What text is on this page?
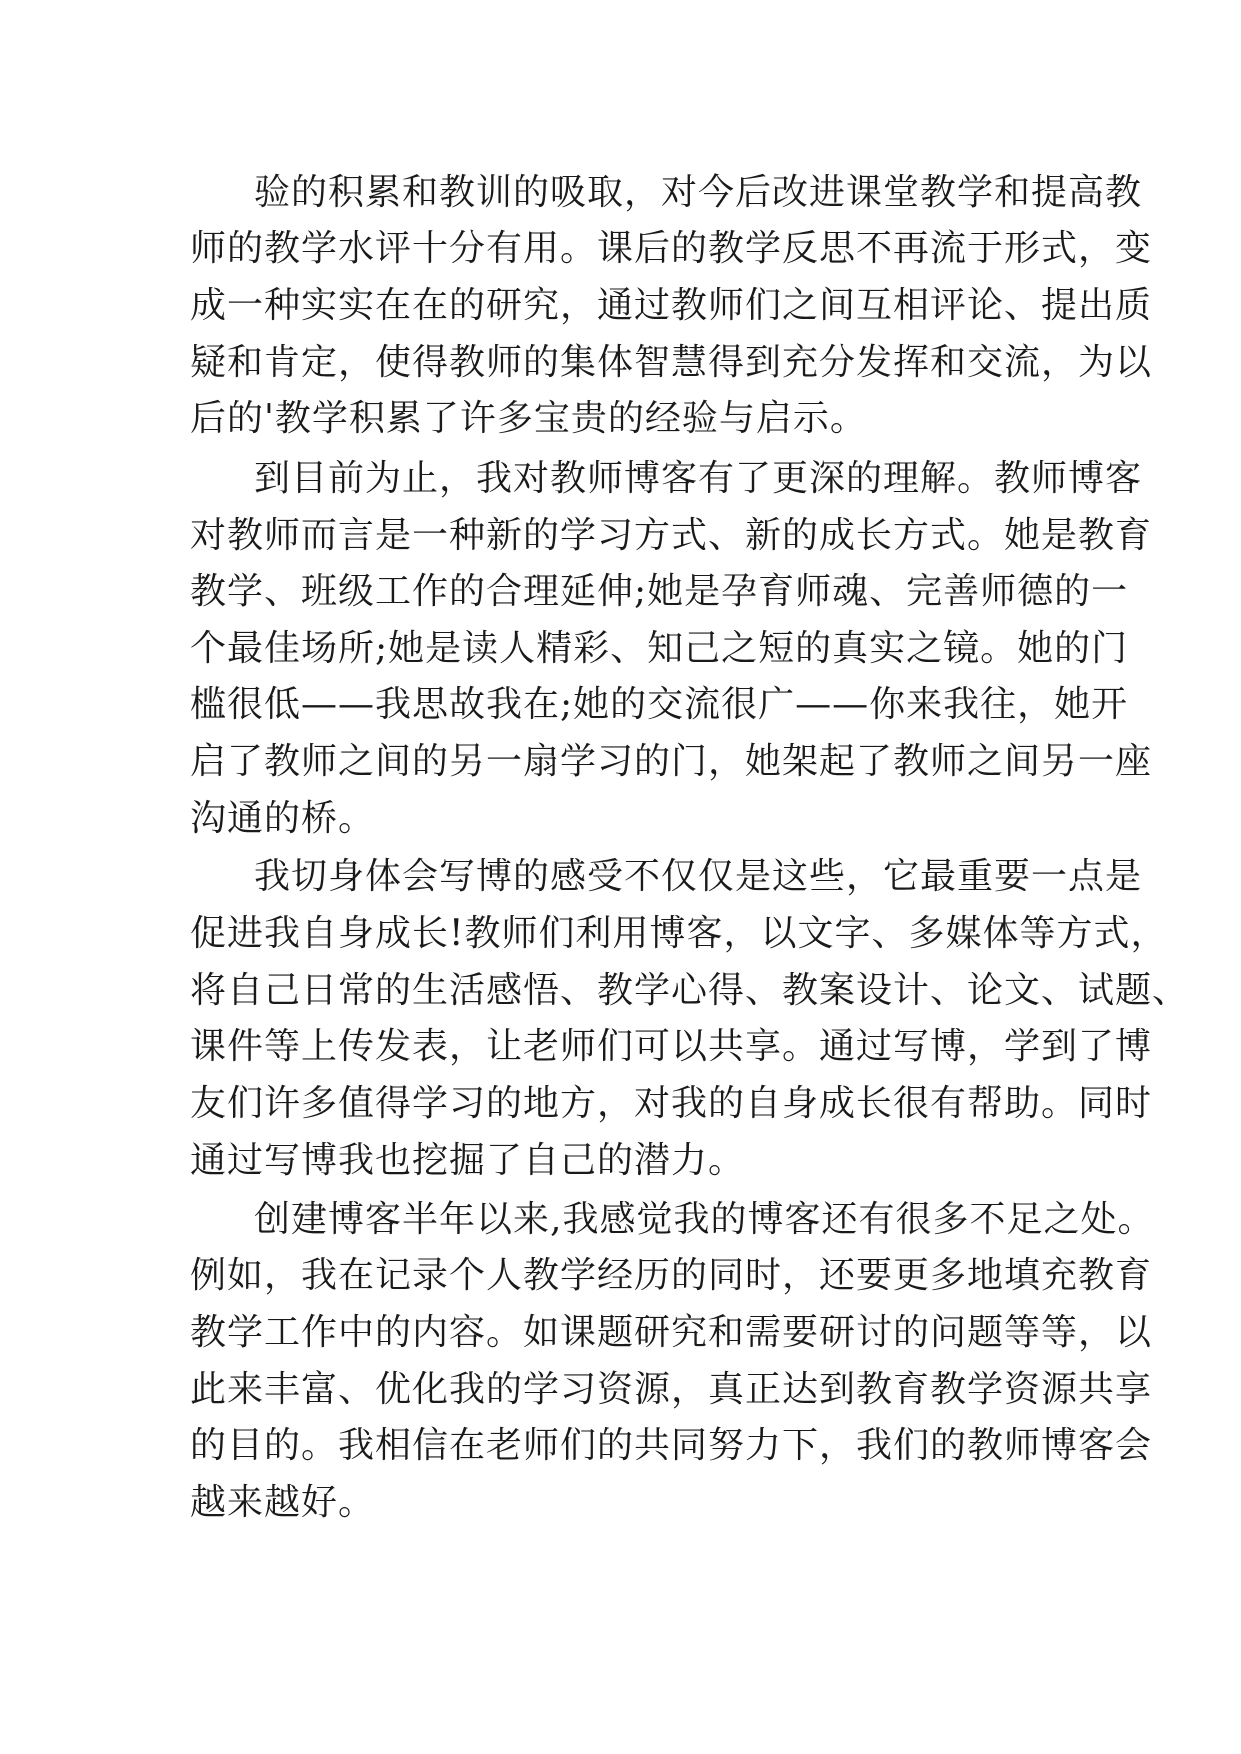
验的积累和教训的吸取，对今后改进课堂教学和提高教
师的教学水评十分有用。课后的教学反思不再流于形式，变
成一种实实在在的研究，通过教师们之间互相评论、提出质
疑和肯定，使得教师的集体智慧得到充分发挥和交流，为以
后的'教学积累了许多宝贵的经验与启示。
到目前为止，我对教师博客有了更深的理解。教师博客
对教师而言是一种新的学习方式、新的成长方式。她是教育
教学、班级工作的合理延伸;她是孕育师魂、完善师德的一
个最佳场所;她是读人精彩、知己之短的真实之镜。她的门
槛很低——我思故我在;她的交流很广——你来我往，她开
启了教师之间的另一扇学习的门，她架起了教师之间另一座
沟通的桥。
我切身体会写博的感受不仅仅是这些，它最重要一点是
促进我自身成长!教师们利用博客，以文字、多媒体等方式，
将自己日常的生活感悟、教学心得、教案设计、论文、试题、
课件等上传发表，让老师们可以共享。通过写博，学到了博
友们许多值得学习的地方，对我的自身成长很有帮助。同时
通过写博我也挖掘了自己的潜力。
创建博客半年以来,我感觉我的博客还有很多不足之处。
例如，我在记录个人教学经历的同时，还要更多地填充教育
教学工作中的内容。如课题研究和需要研讨的问题等等，以
此来丰富、优化我的学习资源，真正达到教育教学资源共享
的目的。我相信在老师们的共同努力下，我们的教师博客会
越来越好。
